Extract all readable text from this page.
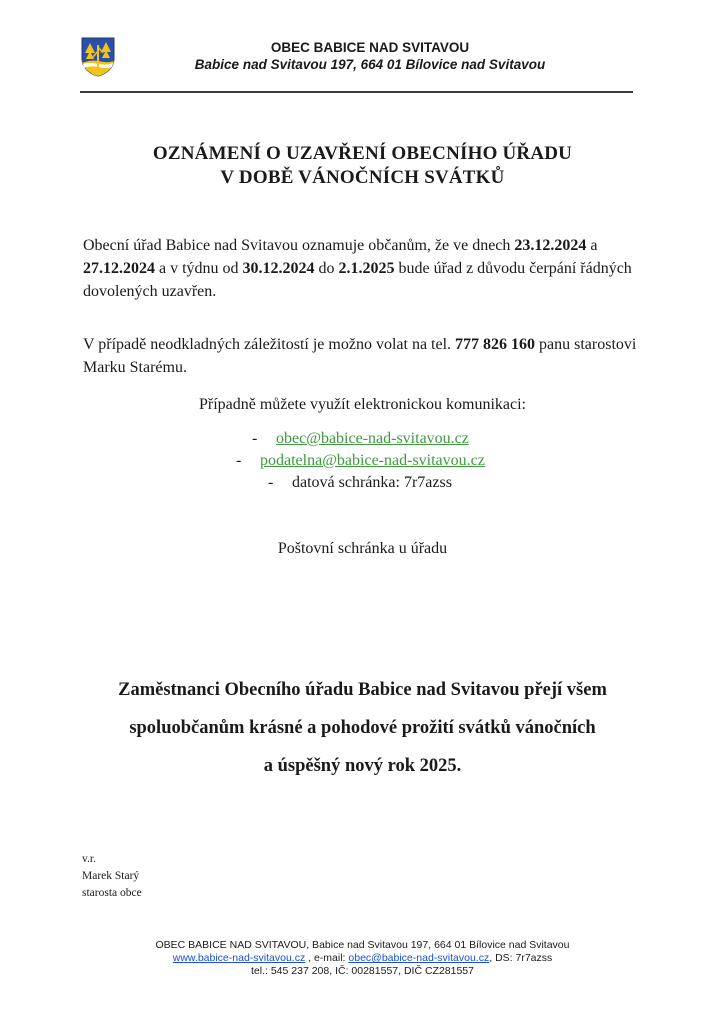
OBEC BABICE NAD SVITAVOU
Babice nad Svitavou 197, 664 01 Bílovice nad Svitavou
OZNÁMENÍ O UZAVŘENÍ OBECNÍHO ÚŘADU
V DOBĚ VÁNOČNÍCH SVÁTKŮ
Obecní úřad Babice nad Svitavou oznamuje občanům, že ve dnech 23.12.2024 a 27.12.2024 a v týdnu od 30.12.2024 do 2.1.2025 bude úřad z důvodu čerpání řádných dovolených uzavřen.
V případě neodkladných záležitostí je možno volat na tel. 777 826 160 panu starostovi Marku Starému.
Případně můžete využít elektronickou komunikaci:
- obec@babice-nad-svitavou.cz
- podatelna@babice-nad-svitavou.cz
- datová schránka: 7r7azss
Poštovní schránka u úřadu
Zaměstnanci Obecního úřadu Babice nad Svitavou přejí všem
spoluobčanům krásné a pohodové prožití svátků vánočních
a úspěšný nový rok 2025.
v.r.
Marek Starý
starosta obce
OBEC BABICE NAD SVITAVOU, Babice nad Svitavou 197, 664 01 Bílovice nad Svitavou
www.babice-nad-svitavou.cz , e-mail: obec@babice-nad-svitavou.cz, DS: 7r7azss
tel.: 545 237 208, IČ: 00281557, DIČ CZ281557
